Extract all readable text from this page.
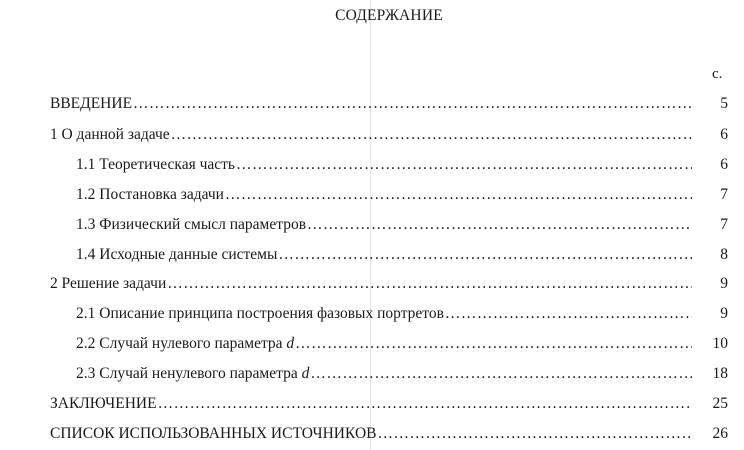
СОДЕРЖАНИЕ
с.
ВВЕДЕНИЕ ……………………………………………………………………………………………………………………………………………………………………………………	5
1 О данной задаче ……………………………………………………………………………………………………………………………………………………………………………………	6
1.1 Теоретическая часть ……………………………………………………………………………………………………………………………………………………………………………………	6
1.2 Постановка задачи ……………………………………………………………………………………………………………………………………………………………………………………	7
1.3 Физический смысл параметров ……………………………………………………………………………………………………………………………………………………………………………………	7
1.4 Исходные данные системы ……………………………………………………………………………………………………………………………………………………………………………………	8
2 Решение задачи ……………………………………………………………………………………………………………………………………………………………………………………	9
2.1 Описание принципа построения фазовых портретов ……………………………………………………………………………………………………………………………………………………………………………………	9
2.2 Случай нулевого параметра d ……………………………………………………………………………………………………………………………………………………………………………………	10
2.3 Случай ненулевого параметра d ……………………………………………………………………………………………………………………………………………………………………………………	18
ЗАКЛЮЧЕНИЕ ……………………………………………………………………………………………………………………………………………………………………………………	25
СПИСОК ИСПОЛЬЗОВАННЫХ ИСТОЧНИКОВ ……………………………………………………………………………………………………………………………………………………………………………………	26
